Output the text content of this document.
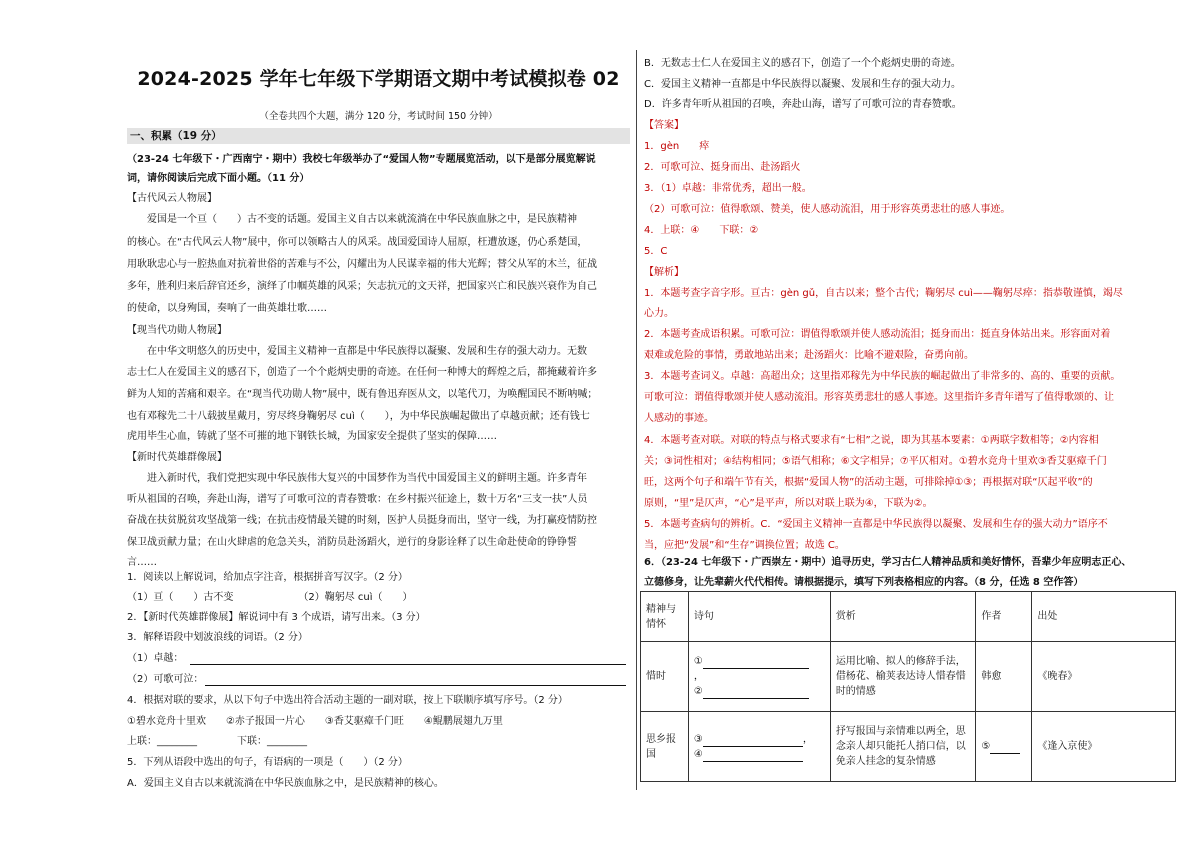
2024-2025 学年七年级下学期语文期中考试模拟卷 02
（全卷共四个大题，满分 120 分，考试时间 150 分钟）
一、积累（19 分）
（23-24 七年级下・广西南宁・期中）我校七年级举办了“爱国人物”专题展览活动，以下是部分展览解说
词，请你阅读后完成下面小题。（11 分）
【古代风云人物展】
　　爱国是一个亘（　　）古不变的话题。爱国主义自古以来就流淌在中华民族血脉之中，是民族精神
的核心。在“古代风云人物”展中，你可以领略古人的风采。战国爱国诗人屈原，枉遭放逐，仍心系楚国，
用耿耿忠心与一腔热血对抗着世俗的苦难与不公，闪耀出为人民谋幸福的伟大光辉；替父从军的木兰，征战
多年，胜利归来后辞官还乡，演绎了巾帼英雄的风采；矢志抗元的文天祥，把国家兴亡和民族兴衰作为自己
的使命，以身殉国，奏响了一曲英雄壮歌……
【现当代功勋人物展】
　　在中华文明悠久的历史中，爱国主义精神一直都是中华民族得以凝聚、发展和生存的强大动力。无数
志士仁人在爱国主义的感召下，创造了一个个彪炳史册的奇迹。在任何一种博大的辉煌之后，都掩藏着许多
鲜为人知的苦痛和艰辛。在“现当代功勋人物”展中，既有鲁迅弃医从文，以笔代刀，为唤醒国民不断呐喊；
也有邓稼先二十八载披星戴月，穷尽终身鞠躬尽 cuì（　　），为中华民族崛起做出了卓越贡献；还有钱七
虎用毕生心血，铸就了坚不可摧的地下钢铁长城，为国家安全提供了坚实的保障……
【新时代英雄群像展】
　　进入新时代，我们党把实现中华民族伟大复兴的中国梦作为当代中国爱国主义的鲜明主题。许多青年
听从祖国的召唤，奔赴山海，谱写了可歌可泣的青春赞歌：在乡村振兴征途上，数十万名“三支一扶”人员
奋战在扶贫脱贫攻坚战第一线；在抗击疫情最关键的时刻，医护人员挺身而出，坚守一线，为打赢疫情防控
保卫战贡献力量；在山火肆虐的危急关头，消防员赴汤蹈火，逆行的身影诠释了以生命赴使命的铮铮誓
言……
1．阅读以上解说词，给加点字注音，根据拼音写汉字。（2 分）
（1）亘（　　）古不变　　　　　　　（2）鞠躬尽 cuì（　　）
2．【新时代英雄群像展】解说词中有 3 个成语，请写出来。（3 分）
3．解释语段中划波浪线的词语。（2 分）
（1）卓越：
（2）可歌可泣：
4．根据对联的要求，从以下句子中选出符合活动主题的一副对联，按上下联顺序填写序号。（2 分）
①碧水竞舟十里欢　　②赤子报国一片心　　③香艾驱瘴千门旺　　④鲲鹏展翅九万里
上联：________　　　　下联：________
5．下列从语段中选出的句子，有语病的一项是（　　）（2 分）
A．爱国主义自古以来就流淌在中华民族血脉之中，是民族精神的核心。
B．无数志士仁人在爱国主义的感召下，创造了一个个彪炳史册的奇迹。
C．爱国主义精神一直都是中华民族得以凝聚、发展和生存的强大动力。
D．许多青年听从祖国的召唤，奔赴山海，谱写了可歌可泣的青春赞歌。
【答案】
1．gèn　　瘁
2．可歌可泣、挺身而出、赴汤蹈火
3．（1）卓越：非常优秀，超出一般。
（2）可歌可泣：值得歌颂、赞美，使人感动流泪，用于形容英勇悲壮的感人事迹。
4．上联：④　　下联：②
5．C
【解析】
1．本题考查字音字形。亘古：gèn gǔ，自古以来；整个古代；鞠躬尽 cuì——鞠躬尽瘁：指恭敬谨慎，竭尽
心力。
2．本题考查成语积累。可歌可泣：谓值得歌颂并使人感动流泪；挺身而出：挺直身体站出来。形容面对着
艰难或危险的事情，勇敢地站出来；赴汤蹈火：比喻不避艰险，奋勇向前。
3．本题考查词义。卓越：高超出众；这里指邓稼先为中华民族的崛起做出了非常多的、高的、重要的贡献。
可歌可泣：谓值得歌颂并使人感动流泪。形容英勇悲壮的感人事迹。这里指许多青年谱写了值得歌颂的、让
人感动的事迹。
4．本题考查对联。对联的特点与格式要求有“七相”之说，即为其基本要素：①两联字数相等；②内容相
关；③词性相对；④结构相同；⑤语气相称；⑥文字相异；⑦平仄相对。①碧水竞舟十里欢③香艾驱瘴千门
旺，这两个句子和端午节有关，根据“爱国人物”的活动主题，可排除掉①③；再根据对联“仄起平收”的
原则，“里”是仄声，“心”是平声，所以对联上联为④，下联为②。
5．本题考查病句的辨析。C．“爱国主义精神一直都是中华民族得以凝聚、发展和生存的强大动力”语序不
当，应把“发展”和“生存”调换位置；故选 C。
6．（23-24 七年级下・广西崇左・期中）追寻历史，学习古仁人精神品质和美好情怀，吾辈少年应明志正心、
立德修身，让先辈薪火代代相传。请根据提示，填写下列表格相应的内容。（8 分，任选 8 空作答）
精神与情怀	诗句	赏析	作者	出处
惜时	①
，
②	运用比喻、拟人的修辞手法，借杨花、榆荚表达诗人惜春惜时的情感	韩愈	《晚春》
思乡报国	③ ，
④	抒写报国与亲情难以两全，思念亲人却只能托人捎口信，以免亲人挂念的复杂情感	⑤	《逢入京使》
